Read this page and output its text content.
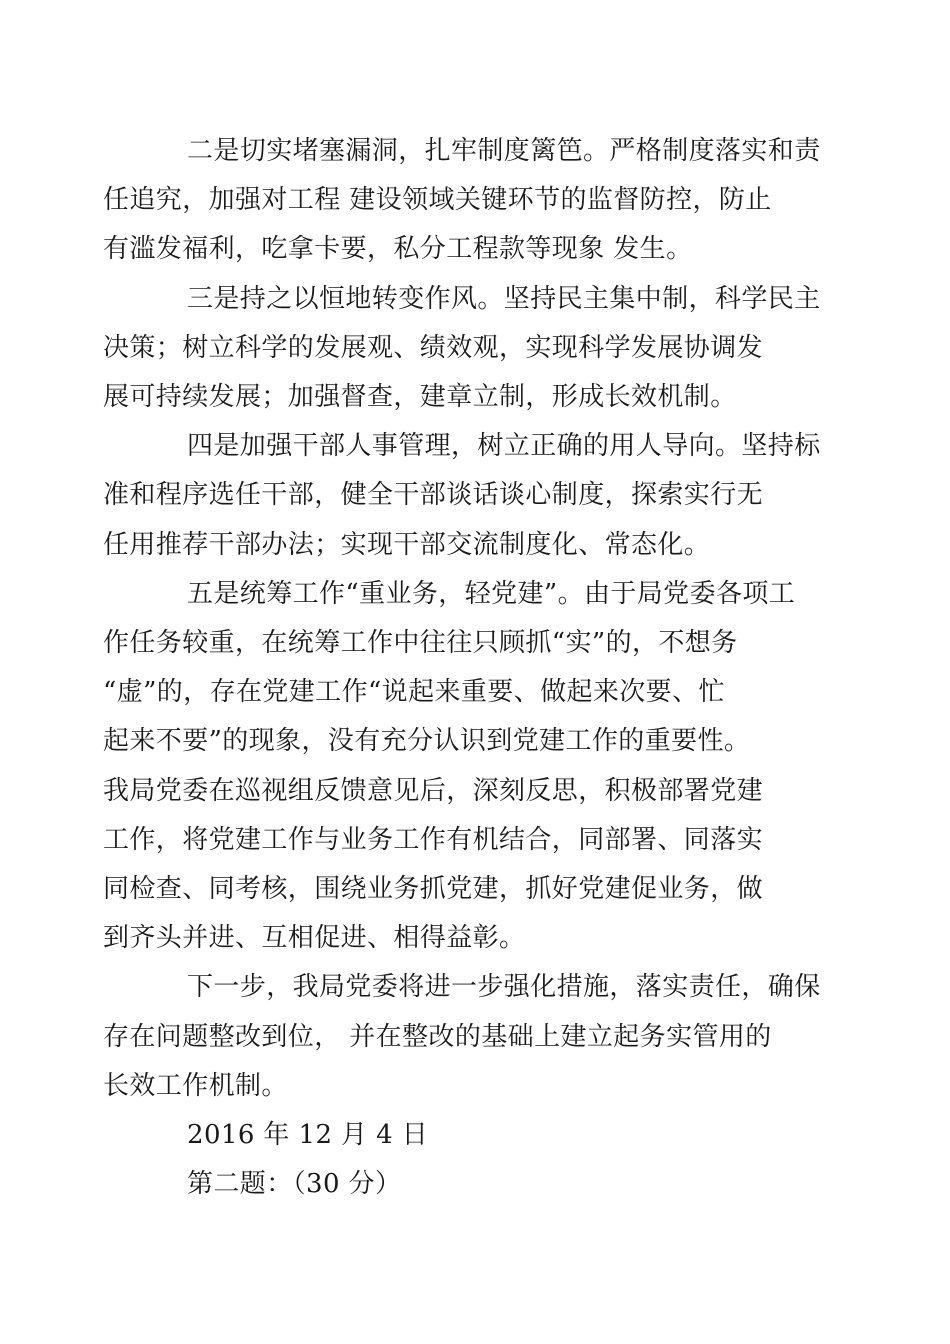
二是切实堵塞漏洞，扎牢制度篱笆。严格制度落实和责
任追究，加强对工程 建设领域关键环节的监督防控，防止
有滥发福利，吃拿卡要，私分工程款等现象 发生。

三是持之以恒地转变作风。坚持民主集中制，科学民主
决策；树立科学的发展观、绩效观，实现科学发展协调发
展可持续发展；加强督查，建章立制，形成长效机制。

四是加强干部人事管理，树立正确的用人导向。坚持标
准和程序选任干部，健全干部谈话谈心制度，探索实行无
任用推荐干部办法；实现干部交流制度化、常态化。

五是统筹工作“重业务，轻党建”。由于局党委各项工
作任务较重，在统筹工作中往往只顾抓“实”的，不想务
“虚”的，存在党建工作“说起来重要、做起来次要、忙
起来不要”的现象，没有充分认识到党建工作的重要性。
我局党委在巡视组反馈意见后，深刻反思，积极部署党建
工作，将党建工作与业务工作有机结合，同部署、同落实
同检查、同考核，围绕业务抓党建，抓好党建促业务，做
到齐头并进、互相促进、相得益彰。

下一步，我局党委将进一步强化措施，落实责任，确保
存在问题整改到位， 并在整改的基础上建立起务实管用的
长效工作机制。

2016 年 12 月 4 日

第二题：（30 分）
